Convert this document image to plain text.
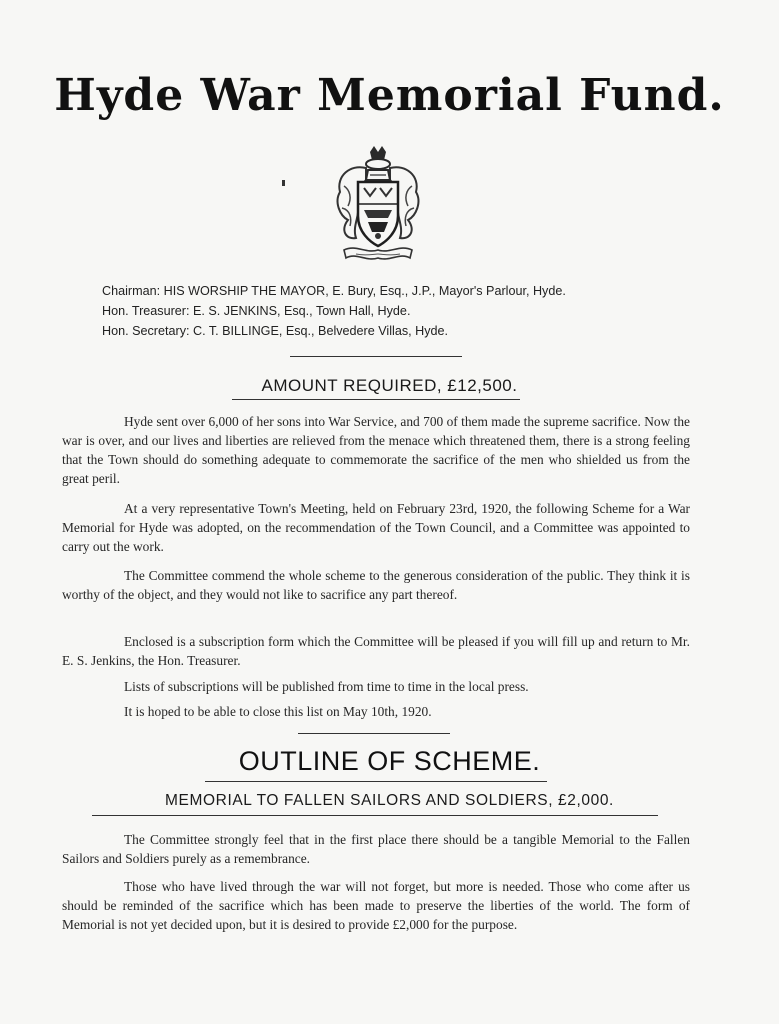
Hyde War Memorial Fund.
Chairman: HIS WORSHIP THE MAYOR, E. Bury, Esq., J.P., Mayor's Parlour, Hyde.
Hon. Treasurer: E. S. JENKINS, Esq., Town Hall, Hyde.
Hon. Secretary: C. T. BILLINGE, Esq., Belvedere Villas, Hyde.
AMOUNT REQUIRED, £12,500.

Hyde sent over 6,000 of her sons into War Service, and 700 of them made the supreme sacrifice. Now the war is over, and our lives and liberties are relieved from the menace which threatened them, there is a strong feeling that the Town should do something adequate to commemorate the sacrifice of the men who shielded us from the great peril.

At a very representative Town's Meeting, held on February 23rd, 1920, the following Scheme for a War Memorial for Hyde was adopted, on the recommendation of the Town Council, and a Committee was appointed to carry out the work.

The Committee commend the whole scheme to the generous consideration of the public. They think it is worthy of the object, and they would not like to sacrifice any part thereof.

Enclosed is a subscription form which the Committee will be pleased if you will fill up and return to Mr. E. S. Jenkins, the Hon. Treasurer.

Lists of subscriptions will be published from time to time in the local press.

It is hoped to be able to close this list on May 10th, 1920.

OUTLINE OF SCHEME.
MEMORIAL TO FALLEN SAILORS AND SOLDIERS, £2,000.

The Committee strongly feel that in the first place there should be a tangible Memorial to the Fallen Sailors and Soldiers purely as a remembrance.

Those who have lived through the war will not forget, but more is needed. Those who come after us should be reminded of the sacrifice which has been made to preserve the liberties of the world. The form of Memorial is not yet decided upon, but it is desired to provide £2,000 for the purpose.
